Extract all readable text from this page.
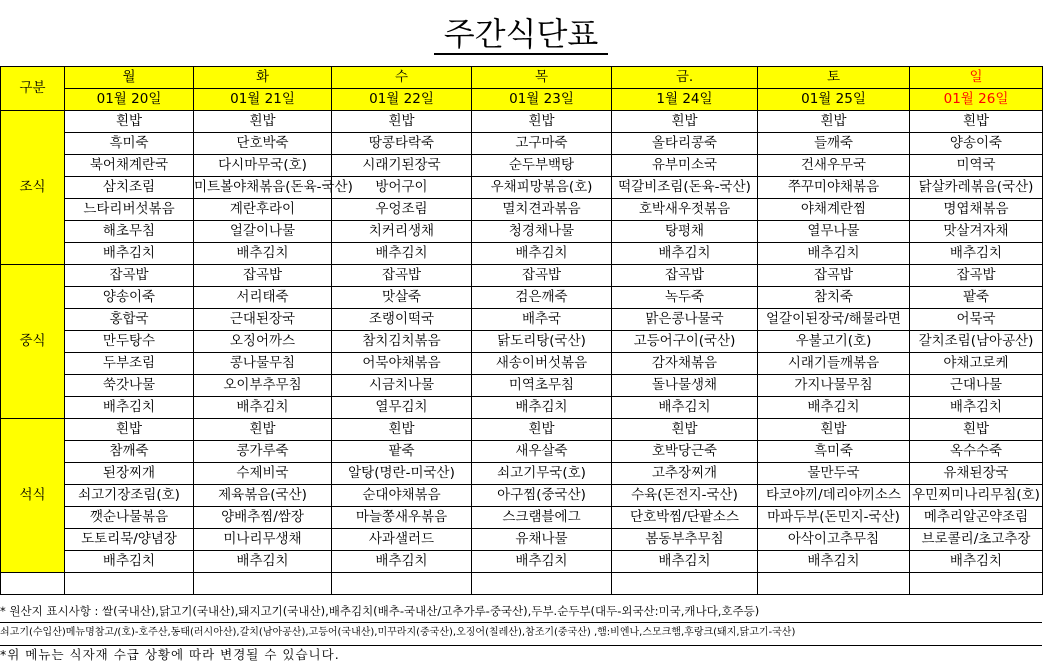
주간식단표
구분	월	화	수	목	금.	토	일
	01월 20일	01월 21일	01월 22일	01월 23일	1월 24일	01월 25일	01월 26일
조식	흰밥	흰밥	흰밥	흰밥	흰밥	흰밥	흰밥
	흑미죽	단호박죽	땅콩타락죽	고구마죽	올타리콩죽	들깨죽	양송이죽
	북어채계란국	다시마무국(호)	시래기된장국	순두부백탕	유부미소국	건새우무국	미역국
	삼치조림	미트볼야채볶음(돈육-국산)	방어구이	우채피망볶음(호)	떡갈비조림(돈육-국산)	쭈꾸미야채볶음	닭살카레볶음(국산)
	느타리버섯볶음	계란후라이	우엉조림	멸치견과볶음	호박새우젓볶음	야채계란찜	명엽채볶음
	해초무침	얼갈이나물	치커리생채	청경채나물	탕평채	열무나물	맛살겨자채
	배추김치	배추김치	배추김치	배추김치	배추김치	배추김치	배추김치
중식	잡곡밥	잡곡밥	잡곡밥	잡곡밥	잡곡밥	잡곡밥	잡곡밥
	양송이죽	서리태죽	맛살죽	검은깨죽	녹두죽	참치죽	팥죽
	홍합국	근대된장국	조랭이떡국	배추국	맑은콩나물국	얼갈이된장국/해물라면	어묵국
	만두탕수	오징어까스	참치김치볶음	닭도리탕(국산)	고등어구이(국산)	우불고기(호)	갈치조림(남아공산)
	두부조림	콩나물무침	어묵야채볶음	새송이버섯볶음	감자채볶음	시래기들깨볶음	야채고로케
	쑥갓나물	오이부추무침	시금치나물	미역초무침	돌나물생채	가지나물무침	근대나물
	배추김치	배추김치	열무김치	배추김치	배추김치	배추김치	배추김치
석식	흰밥	흰밥	흰밥	흰밥	흰밥	흰밥	흰밥
	참깨죽	콩가루죽	팥죽	새우살죽	호박당근죽	흑미죽	옥수수죽
	된장찌개	수제비국	알탕(명란-미국산)	쇠고기무국(호)	고추장찌개	물만두국	유채된장국
	쇠고기장조림(호)	제육볶음(국산)	순대야채볶음	아구찜(중국산)	수육(돈전지-국산)	타코야끼/데리야끼소스	우민찌미나리무침(호)
	깻순나물볶음	양배추찜/쌈장	마늘쫑새우볶음	스크램블에그	단호박찜/단팥소스	마파두부(돈민지-국산)	메추리알곤약조림
	도토리묵/양념장	미나리무생채	사과샐러드	유채나물	봄동부추무침	아삭이고추무침	브로콜리/초고추장
	배추김치	배추김치	배추김치	배추김치	배추김치	배추김치	배추김치

* 원산지 표시사항 : 쌀(국내산),닭고기(국내산),돼지고기(국내산),배추김치(배추-국내산/고추가루-중국산),두부.순두부(대두-외국산:미국,캐나다,호주등)
쇠고기(수입산)메뉴명참고/(호)-호주산,동태(러시아산),갈치(남아공산),고등어(국내산),미꾸라지(중국산),오징어(칠레산),참조기(중국산) ,햄:비엔나,스모크햄,후랑크(돼지,닭고기-국산)
*위 메뉴는 식자재 수급 상황에 따라 변경될 수 있습니다.
